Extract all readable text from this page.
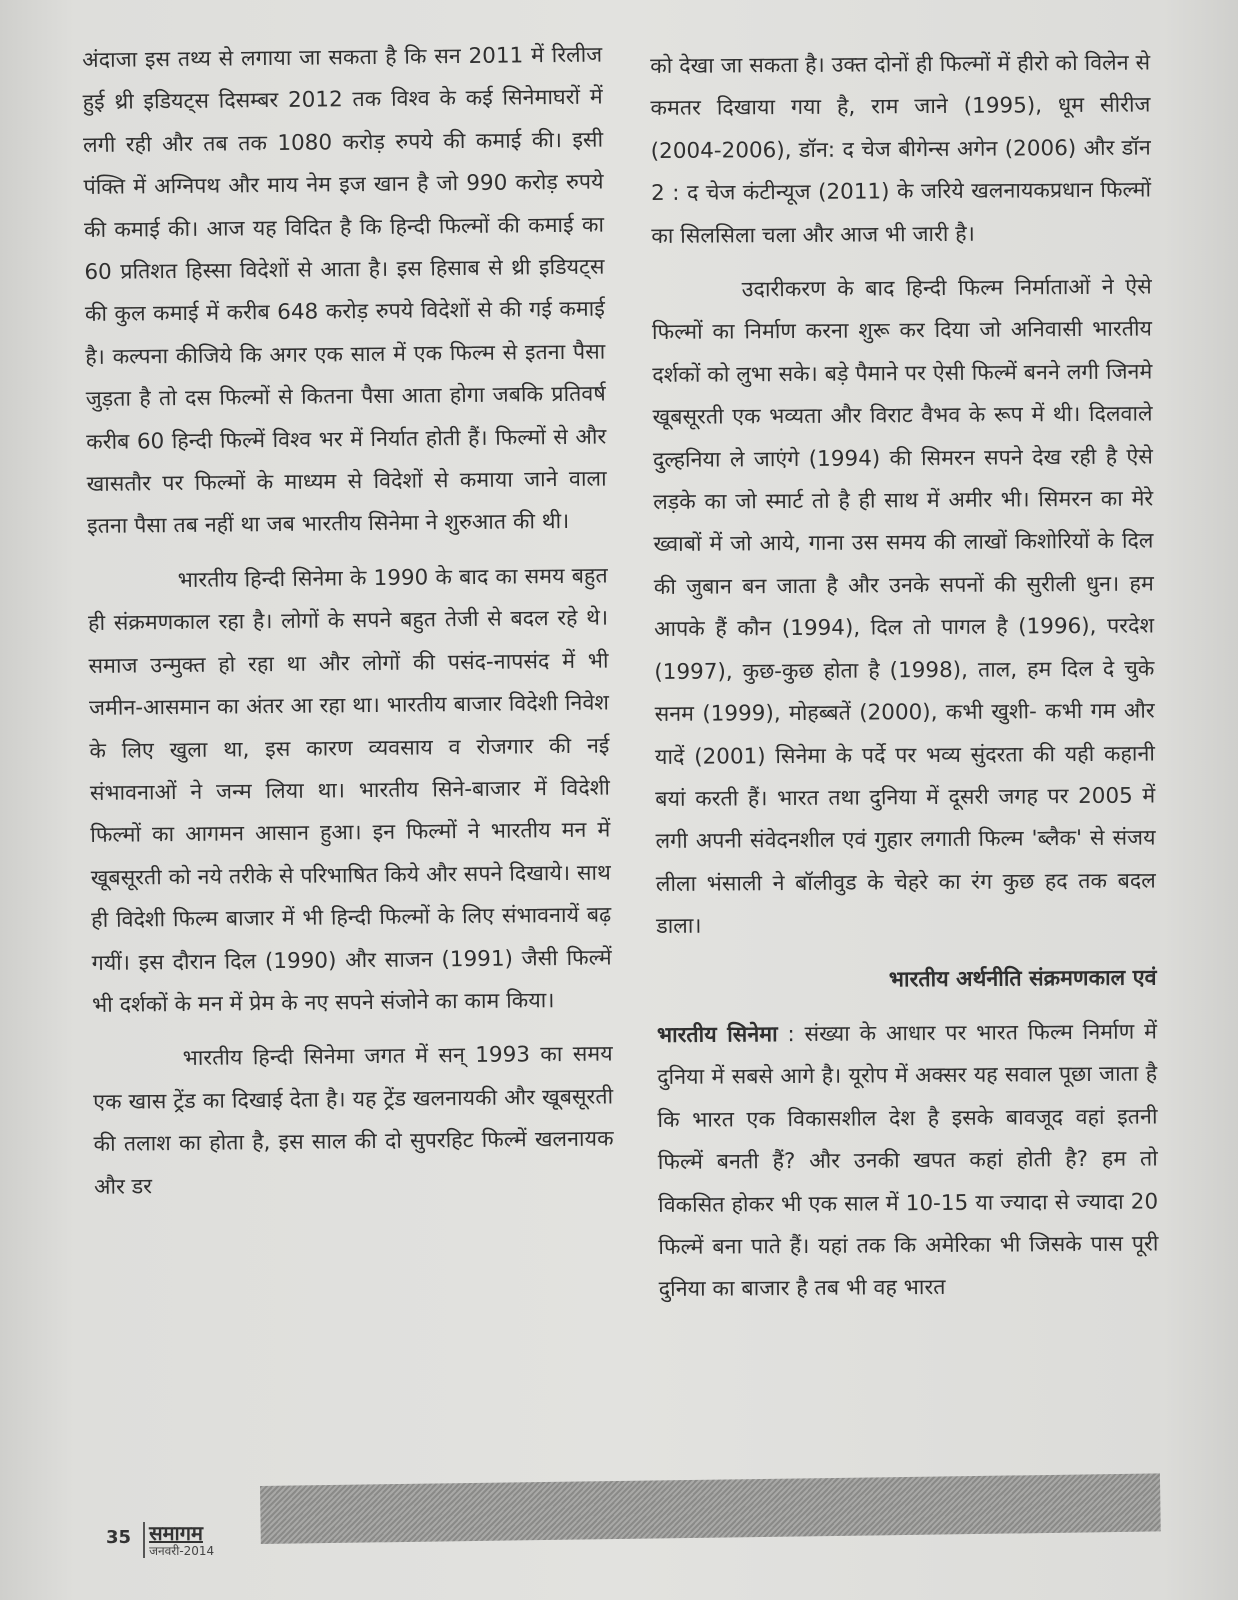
अंदाजा इस तथ्य से लगाया जा सकता है कि सन 2011 में रिलीज हुई थ्री इडियट्स दिसम्बर 2012 तक विश्व के कई सिनेमाघरों में लगी रही और तब तक 1080 करोड़ रुपये की कमाई की। इसी पंक्ति में अग्निपथ और माय नेम इज खान है जो 990 करोड़ रुपये की कमाई की। आज यह विदित है कि हिन्दी फिल्मों की कमाई का 60 प्रतिशत हिस्सा विदेशों से आता है। इस हिसाब से थ्री इडियट्स की कुल कमाई में करीब 648 करोड़ रुपये विदेशों से की गई कमाई है। कल्पना कीजिये कि अगर एक साल में एक फिल्म से इतना पैसा जुड़ता है तो दस फिल्मों से कितना पैसा आता होगा जबकि प्रतिवर्ष करीब 60 हिन्दी फिल्में विश्व भर में निर्यात होती हैं। फिल्मों से और खासतौर पर फिल्मों के माध्यम से विदेशों से कमाया जाने वाला इतना पैसा तब नहीं था जब भारतीय सिनेमा ने शुरुआत की थी।

भारतीय हिन्दी सिनेमा के 1990 के बाद का समय बहुत ही संक्रमणकाल रहा है। लोगों के सपने बहुत तेजी से बदल रहे थे। समाज उन्मुक्त हो रहा था और लोगों की पसंद-नापसंद में भी जमीन-आसमान का अंतर आ रहा था। भारतीय बाजार विदेशी निवेश के लिए खुला था, इस कारण व्यवसाय व रोजगार की नई संभावनाओं ने जन्म लिया था। भारतीय सिने-बाजार में विदेशी फिल्मों का आगमन आसान हुआ। इन फिल्मों ने भारतीय मन में खूबसूरती को नये तरीके से परिभाषित किये और सपने दिखाये। साथ ही विदेशी फिल्म बाजार में भी हिन्दी फिल्मों के लिए संभावनायें बढ़ गयीं। इस दौरान दिल (1990) और साजन (1991) जैसी फिल्में भी दर्शकों के मन में प्रेम के नए सपने संजोने का काम किया।

भारतीय हिन्दी सिनेमा जगत में सन् 1993 का समय एक खास ट्रेंड का दिखाई देता है। यह ट्रेंड खलनायकी और खूबसूरती की तलाश का होता है, इस साल की दो सुपरहिट फिल्में खलनायक और डर

को देखा जा सकता है। उक्त दोनों ही फिल्मों में हीरो को विलेन से कमतर दिखाया गया है, राम जाने (1995), धूम सीरीज (2004-2006), डॉन: द चेज बीगेन्स अगेन (2006) और डॉन 2 : द चेज कंटीन्यूज (2011) के जरिये खलनायकप्रधान फिल्मों का सिलसिला चला और आज भी जारी है।

उदारीकरण के बाद हिन्दी फिल्म निर्माताओं ने ऐसे फिल्मों का निर्माण करना शुरू कर दिया जो अनिवासी भारतीय दर्शकों को लुभा सके। बड़े पैमाने पर ऐसी फिल्में बनने लगी जिनमे खूबसूरती एक भव्यता और विराट वैभव के रूप में थी। दिलवाले दुल्हनिया ले जाएंगे (1994) की सिमरन सपने देख रही है ऐसे लड़के का जो स्मार्ट तो है ही साथ में अमीर भी। सिमरन का मेरे ख्वाबों में जो आये, गाना उस समय की लाखों किशोरियों के दिल की जुबान बन जाता है और उनके सपनों की सुरीली धुन। हम आपके हैं कौन (1994), दिल तो पागल है (1996), परदेश (1997), कुछ-कुछ होता है (1998), ताल, हम दिल दे चुके सनम (1999), मोहब्बतें (2000), कभी खुशी- कभी गम और यादें (2001) सिनेमा के पर्दे पर भव्य सुंदरता की यही कहानी बयां करती हैं। भारत तथा दुनिया में दूसरी जगह पर 2005 में लगी अपनी संवेदनशील एवं गुहार लगाती फिल्म 'ब्लैक' से संजय लीला भंसाली ने बॉलीवुड के चेहरे का रंग कुछ हद तक बदल डाला।

भारतीय अर्थनीति संक्रमणकाल एवं

भारतीय सिनेमा : संख्या के आधार पर भारत फिल्म निर्माण में दुनिया में सबसे आगे है। यूरोप में अक्सर यह सवाल पूछा जाता है कि भारत एक विकासशील देश है इसके बावजूद वहां इतनी फिल्में बनती हैं? और उनकी खपत कहां होती है? हम तो विकसित होकर भी एक साल में 10-15 या ज्यादा से ज्यादा 20 फिल्में बना पाते हैं। यहां तक कि अमेरिका भी जिसके पास पूरी दुनिया का बाजार है तब भी वह भारत

35 समागम
जनवरी-2014
